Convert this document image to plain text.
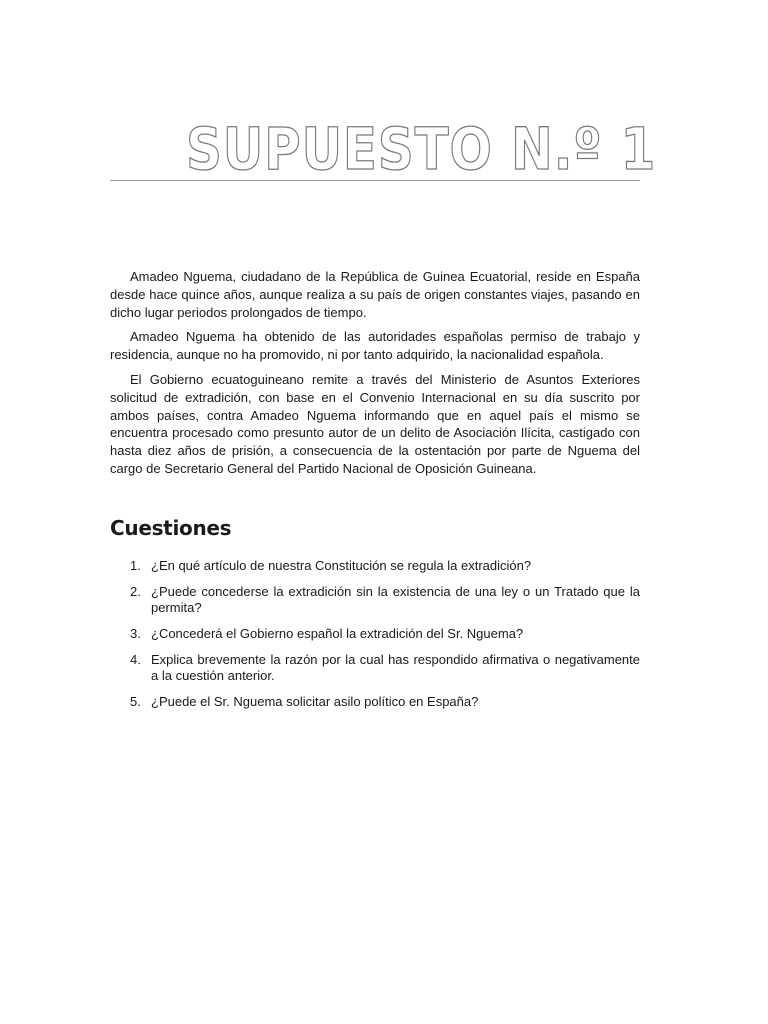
SUPUESTO N.º 1

Amadeo Nguema, ciudadano de la República de Guinea Ecuatorial, reside en España desde hace quince años, aunque realiza a su país de origen constantes viajes, pasando en dicho lugar periodos prolongados de tiempo.

Amadeo Nguema ha obtenido de las autoridades españolas permiso de trabajo y residencia, aunque no ha promovido, ni por tanto adquirido, la nacionalidad española.

El Gobierno ecuatoguineano remite a través del Ministerio de Asuntos Exteriores solicitud de extradición, con base en el Convenio Internacional en su día suscrito por ambos países, contra Amadeo Nguema informando que en aquel país el mismo se encuentra procesado como presunto autor de un delito de Asociación Ilícita, castigado con hasta diez años de prisión, a consecuencia de la ostentación por parte de Nguema del cargo de Secretario General del Partido Nacional de Oposición Guineana.

Cuestiones
1. ¿En qué artículo de nuestra Constitución se regula la extradición?
2. ¿Puede concederse la extradición sin la existencia de una ley o un Tratado que la permita?
3. ¿Concederá el Gobierno español la extradición del Sr. Nguema?
4. Explica brevemente la razón por la cual has respondido afirmativa o negativamente a la cuestión anterior.
5. ¿Puede el Sr. Nguema solicitar asilo político en España?
